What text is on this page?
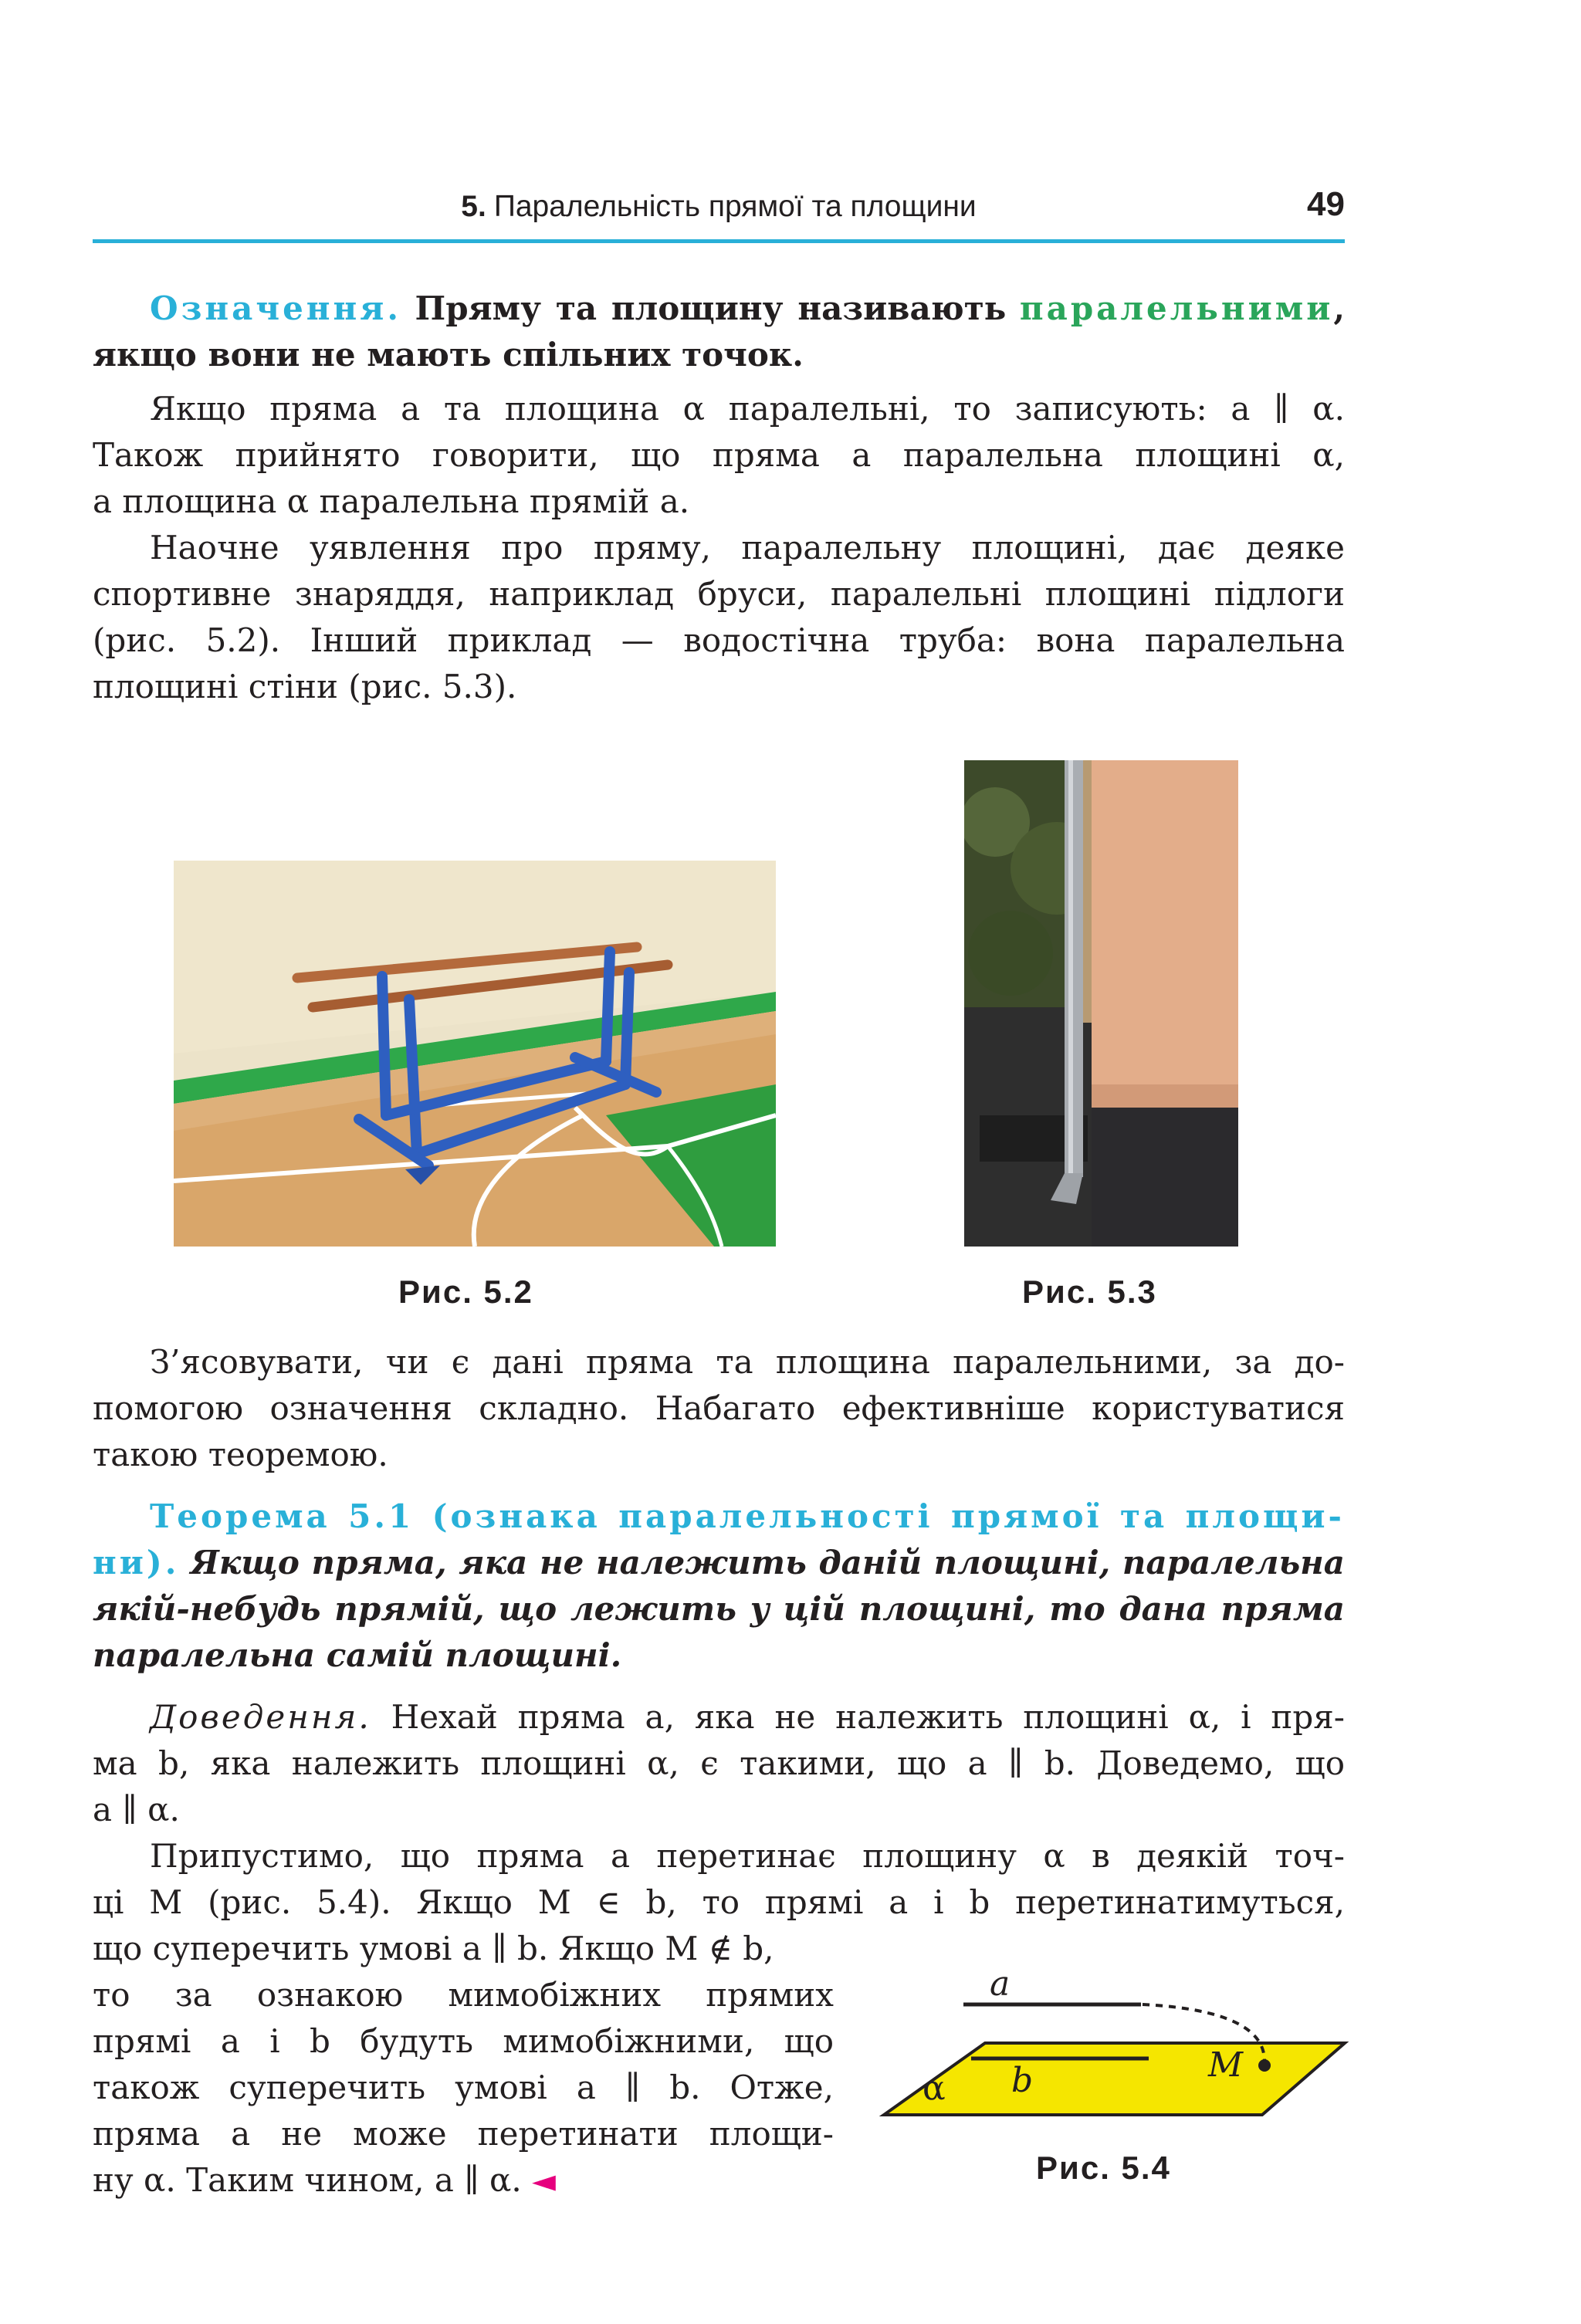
5. Паралельність прямої та площини	49
Означення. Пряму та площину називають паралельними,
якщо вони не мають спільних точок.
Якщо пряма a та площина α паралельні, то записують: a ∥ α.
Також прийнято говорити, що пряма a паралельна площині α,
а площина α паралельна прямій a.
Наочне уявлення про пряму, паралельну площині, дає деяке
спортивне знаряддя, наприклад бруси, паралельні площині підлоги
(рис. 5.2). Інший приклад — водостічна труба: вона паралельна
площині стіни (рис. 5.3).
Рис. 5.2	Рис. 5.3
З’ясовувати, чи є дані пряма та площина паралельними, за до-
помогою означення складно. Набагато ефективніше користуватися
такою теоремою.
Теорема 5.1 (ознака паралельності прямої та площи-
ни). Якщо пряма, яка не належить даній площині, паралельна
якій-небудь прямій, що лежить у цій площині, то дана пряма
паралельна самій площині.
Доведення. Нехай пряма a, яка не належить площині α, і пря-
ма b, яка належить площині α, є такими, що a ∥ b. Доведемо, що
a ∥ α.
Припустимо, що пряма a перетинає площину α в деякій точ-
ці M (рис. 5.4). Якщо M ∈ b, то прямі a і b перетинатимуться,
що суперечить умові a ∥ b. Якщо M ∉ b,
то за ознакою мимобіжних прямих
прямі a і b будуть мимобіжними, що
також суперечить умові a ∥ b. Отже,
пряма a не може перетинати площи-
ну α. Таким чином, a ∥ α. ◄
a
b
α
M
Рис. 5.4
